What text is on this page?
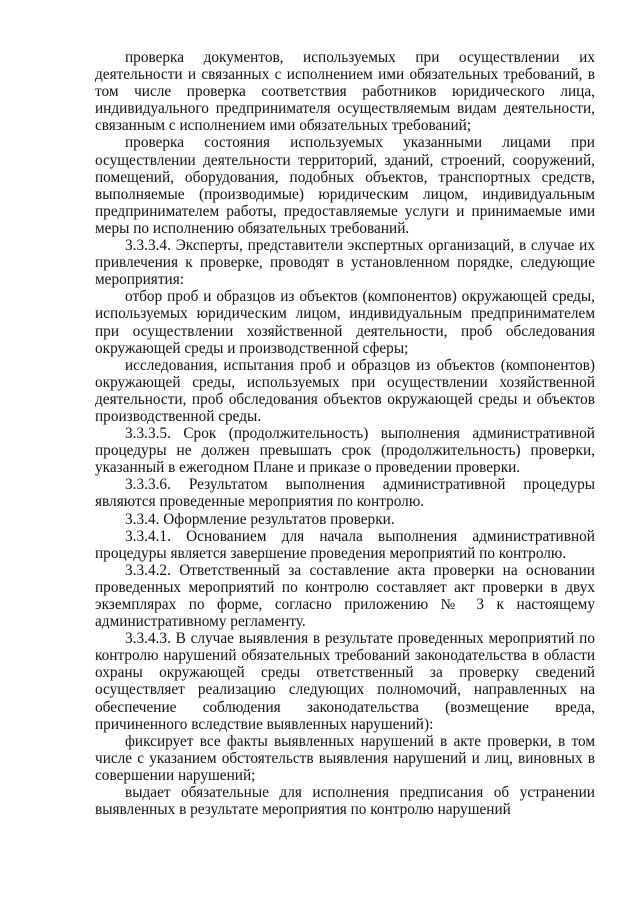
проверка документов, используемых при осуществлении их деятельности и связанных с исполнением ими обязательных требований, в том числе проверка соответствия работников юридического лица, индивидуального предпринимателя осуществляемым видам деятельности, связанным с исполнением ими обязательных требований;

проверка состояния используемых указанными лицами при осуществлении деятельности территорий, зданий, строений, сооружений, помещений, оборудования, подобных объектов, транспортных средств, выполняемые (производимые) юридическим лицом, индивидуальным предпринимателем работы, предоставляемые услуги и принимаемые ими меры по исполнению обязательных требований.

3.3.3.4. Эксперты, представители экспертных организаций, в случае их привлечения к проверке, проводят в установленном порядке, следующие мероприятия:

отбор проб и образцов из объектов (компонентов) окружающей среды, используемых юридическим лицом, индивидуальным предпринимателем при осуществлении хозяйственной деятельности, проб обследования окружающей среды и производственной сферы;

исследования, испытания проб и образцов из объектов (компонентов) окружающей среды, используемых при осуществлении хозяйственной деятельности, проб обследования объектов окружающей среды и объектов производственной среды.

3.3.3.5. Срок (продолжительность) выполнения административной процедуры не должен превышать срок (продолжительность) проверки, указанный в ежегодном Плане и приказе о проведении проверки.

3.3.3.6. Результатом выполнения административной процедуры являются проведенные мероприятия по контролю.

3.3.4. Оформление результатов проверки.

3.3.4.1. Основанием для начала выполнения административной процедуры является завершение проведения мероприятий по контролю.

3.3.4.2. Ответственный за составление акта проверки на основании проведенных мероприятий по контролю составляет акт проверки в двух экземплярах по форме, согласно приложению № 3 к настоящему административному регламенту.

3.3.4.3. В случае выявления в результате проведенных мероприятий по контролю нарушений обязательных требований законодательства в области охраны окружающей среды ответственный за проверку сведений осуществляет реализацию следующих полномочий, направленных на обеспечение соблюдения законодательства (возмещение вреда, причиненного вследствие выявленных нарушений):

фиксирует все факты выявленных нарушений в акте проверки, в том числе с указанием обстоятельств выявления нарушений и лиц, виновных в совершении нарушений;

выдает обязательные для исполнения предписания об устранении выявленных в результате мероприятия по контролю нарушений
